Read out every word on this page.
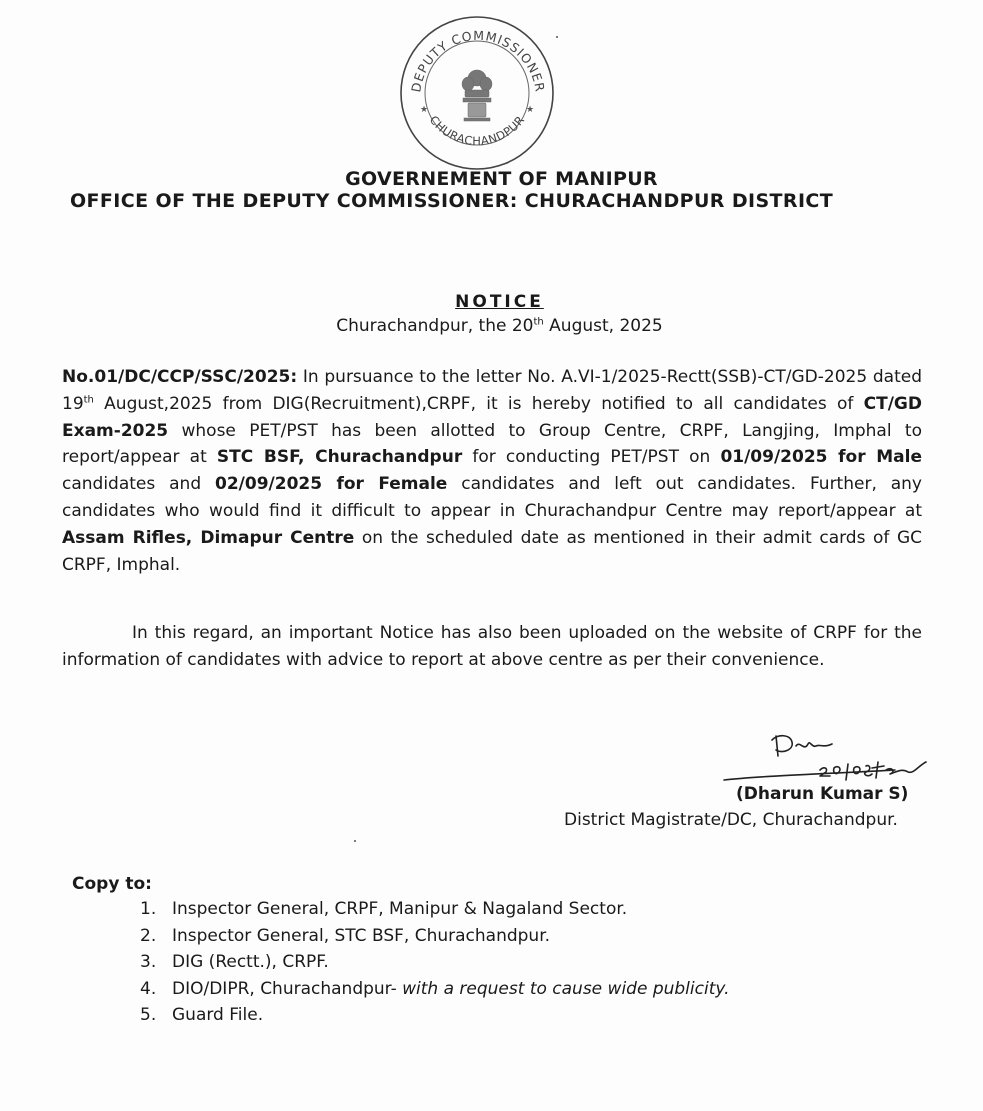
DEPUTY COMMISSIONER
CHURACHANDPUR
★	★
GOVERNEMENT OF MANIPUR
OFFICE OF THE DEPUTY COMMISSIONER: CHURACHANDPUR DISTRICT
NOTICE
Churachandpur, the 20th August, 2025
No.01/DC/CCP/SSC/2025: In pursuance to the letter No. A.VI-1/2025-Rectt(SSB)-CT/GD-2025 dated 19th August,2025 from DIG(Recruitment),CRPF, it is hereby notified to all candidates of CT/GD Exam-2025 whose PET/PST has been allotted to Group Centre, CRPF, Langjing, Imphal to report/appear at STC BSF, Churachandpur for conducting PET/PST on 01/09/2025 for Male candidates and 02/09/2025 for Female candidates and left out candidates. Further, any candidates who would find it difficult to appear in Churachandpur Centre may report/appear at Assam Rifles, Dimapur Centre on the scheduled date as mentioned in their admit cards of GC CRPF, Imphal.
In this regard, an important Notice has also been uploaded on the website of CRPF for the information of candidates with advice to report at above centre as per their convenience.
(Dharun Kumar S)
District Magistrate/DC, Churachandpur.
Copy to:
1. Inspector General, CRPF, Manipur & Nagaland Sector.
2. Inspector General, STC BSF, Churachandpur.
3. DIG (Rectt.), CRPF.
4. DIO/DIPR, Churachandpur- with a request to cause wide publicity.
5. Guard File.
